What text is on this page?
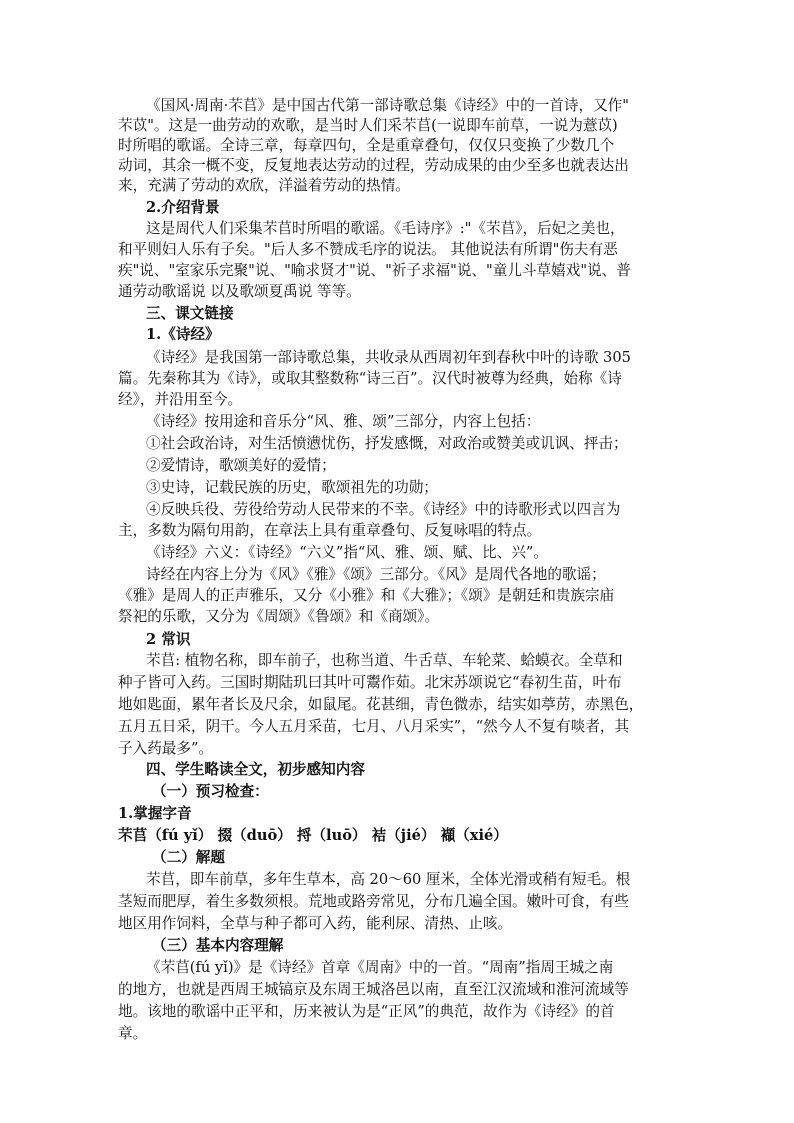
《国风·周南·芣苢》是中国古代第一部诗歌总集《诗经》中的一首诗，又作"
芣苡"。这是一曲劳动的欢歌，是当时人们采芣苢(一说即车前草，一说为薏苡)
时所唱的歌谣。全诗三章，每章四句，全是重章叠句，仅仅只变换了少数几个
动词，其余一概不变，反复地表达劳动的过程，劳动成果的由少至多也就表达出
来，充满了劳动的欢欣，洋溢着劳动的热情。
2.介绍背景
这是周代人们采集芣苢时所唱的歌谣。《毛诗序》:"《芣苢》，后妃之美也，
和平则妇人乐有子矣。"后人多不赞成毛序的说法。 其他说法有所谓"伤夫有恶
疾"说、"室家乐完聚"说、"喻求贤才"说、"祈子求福"说、"童儿斗草嬉戏"说、普
通劳动歌谣说 以及歌颂夏禹说 等等。
三、课文链接
1.《诗经》
《诗经》是我国第一部诗歌总集，共收录从西周初年到春秋中叶的诗歌 305
篇。先秦称其为《诗》，或取其整数称“诗三百”。汉代时被尊为经典，始称《诗
经》，并沿用至今。
《诗经》按用途和音乐分“风、雅、颂”三部分，内容上包括：
①社会政治诗，对生活愤懑忧伤，抒发感慨，对政治或赞美或讥讽、抨击；
②爱情诗，歌颂美好的爱情；
③史诗，记载民族的历史，歌颂祖先的功勋；
④反映兵役、劳役给劳动人民带来的不幸。《诗经》中的诗歌形式以四言为
主，多数为隔句用韵，在章法上具有重章叠句、反复咏唱的特点。
《诗经》六义：《诗经》“六义”指“风、雅、颂、赋、比、兴”。
诗经在内容上分为《风》《雅》《颂》三部分。《风》是周代各地的歌谣；
《雅》是周人的正声雅乐，又分《小雅》和《大雅》；《颂》是朝廷和贵族宗庙
祭祀的乐歌，又分为《周颂》《鲁颂》和《商颂》。
2 常识
芣苢: 植物名称，即车前子，也称当道、牛舌草、车轮菜、蛤蟆衣。全草和
种子皆可入药。三国时期陆玑曰其叶可鬻作茹。北宋苏颂说它“春初生苗，叶布
地如匙面，累年者长及尺余，如鼠尾。花甚细，青色微赤，结实如葶苈，赤黑色，
五月五日采，阴干。今人五月采苗，七月、八月采实”，“然今人不复有啖者，其
子入药最多”。
四、学生略读全文，初步感知内容
（一）预习检查：
1.掌握字音
芣苢（fú yǐ） 掇（duō） 捋（luō） 袺（jié） 襭（xié）
（二）解题
芣苢，即车前草，多年生草本，高 20～60 厘米，全体光滑或稍有短毛。根
茎短而肥厚，着生多数须根。荒地或路旁常见，分布几遍全国。嫩叶可食，有些
地区用作饲料，全草与种子都可入药，能利尿、清热、止咳。
（三）基本内容理解
《芣苢(fú yǐ)》是《诗经》首章《周南》中的一首。“周南”指周王城之南
的地方，也就是西周王城镐京及东周王城洛邑以南，直至江汉流域和淮河流域等
地。该地的歌谣中正平和，历来被认为是“正风”的典范，故作为《诗经》的首
章。
